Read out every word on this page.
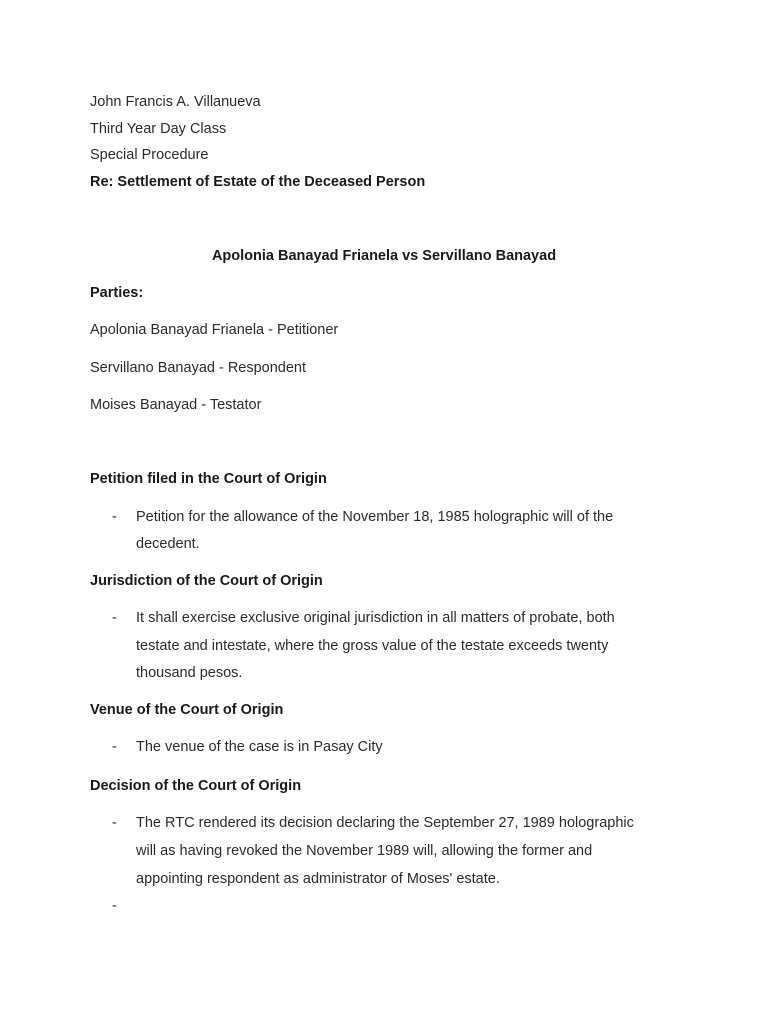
John Francis A. Villanueva
Third Year Day Class
Special Procedure
Re: Settlement of Estate of the Deceased Person
Apolonia Banayad Frianela vs Servillano Banayad
Parties:
Apolonia Banayad Frianela - Petitioner
Servillano Banayad - Respondent
Moises Banayad - Testator
Petition filed in the Court of Origin
- Petition for the allowance of the November 18, 1985 holographic will of the
decedent.
Jurisdiction of the Court of Origin
- It shall exercise exclusive original jurisdiction in all matters of probate, both
testate and intestate, where the gross value of the testate exceeds twenty
thousand pesos.
Venue of the Court of Origin
- The venue of the case is in Pasay City
Decision of the Court of Origin
- The RTC rendered its decision declaring the September 27, 1989 holographic
will as having revoked the November 1989 will, allowing the former and
appointing respondent as administrator of Moses' estate.
-
